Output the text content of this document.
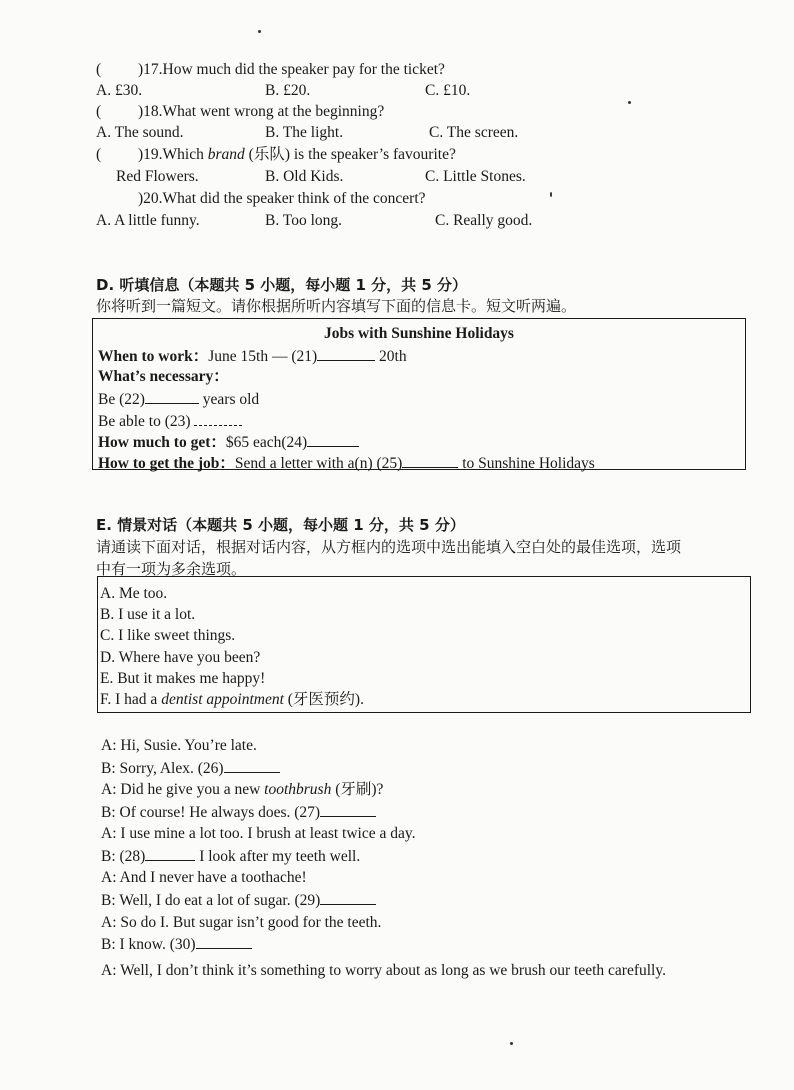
( )17.How much did the speaker pay for the ticket?
A. £30.	B. £20.	C. £10.
( )18.What went wrong at the beginning?
A. The sound.	B. The light.	C. The screen.
( )19.Which brand (乐队) is the speaker’s favourite?
Red Flowers.	B. Old Kids.	C. Little Stones.
)20.What did the speaker think of the concert?
A. A little funny.	B. Too long.	C. Really good.
D. 听填信息（本题共 5 小题，每小题 1 分，共 5 分）
你将听到一篇短文。请你根据所听内容填写下面的信息卡。短文听两遍。
Jobs with Sunshine Holidays
When to work：June 15th — (21)	20th
What’s necessary：
Be (22)	years old
Be able to (23)
How much to get：$65 each(24)
How to get the job：Send a letter with a(n) (25)	to Sunshine Holidays
E. 情景对话（本题共 5 小题，每小题 1 分，共 5 分）
请通读下面对话，根据对话内容，从方框内的选项中选出能填入空白处的最佳选项，选项
中有一项为多余选项。
A. Me too.
B. I use it a lot.
C. I like sweet things.
D. Where have you been?
E. But it makes me happy!
F. I had a dentist appointment (牙医预约).
A: Hi, Susie. You’re late.
B: Sorry, Alex. (26)
A: Did he give you a new toothbrush (牙刷)?
B: Of course! He always does. (27)
A: I use mine a lot too. I brush at least twice a day.
B: (28)	I look after my teeth well.
A: And I never have a toothache!
B: Well, I do eat a lot of sugar. (29)
A: So do I. But sugar isn’t good for the teeth.
B: I know. (30)
A: Well, I don’t think it’s something to worry about as long as we brush our teeth carefully.
